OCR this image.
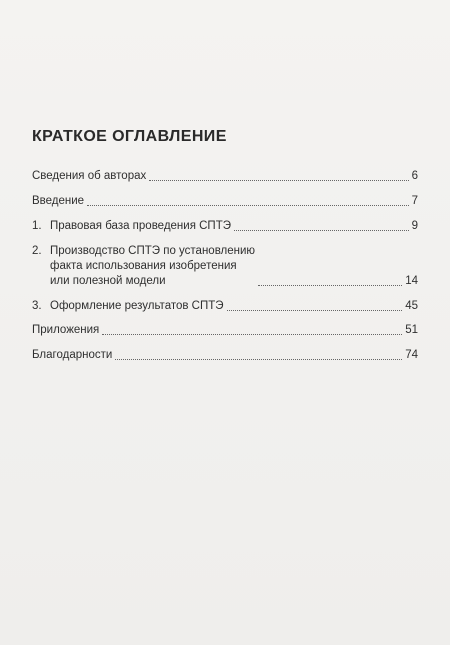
КРАТКОЕ ОГЛАВЛЕНИЕ
Сведения об авторах	6
Введение	7
1. Правовая база проведения СПТЭ	9
2. Производство СПТЭ по установлению
факта использования изобретения
или полезной модели	14
3. Оформление результатов СПТЭ	45
Приложения	51
Благодарности	74
